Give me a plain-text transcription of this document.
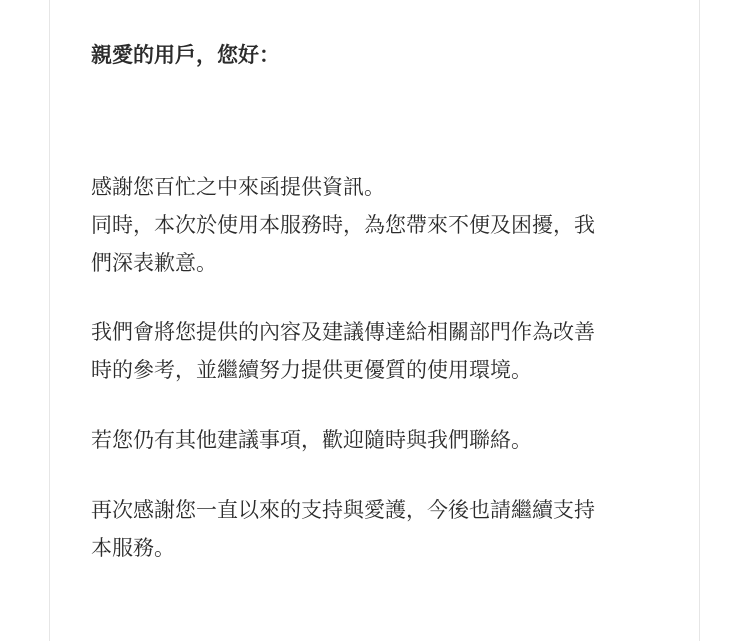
親愛的用戶，您好：

感謝您百忙之中來函提供資訊。
同時，本次於使用本服務時，為您帶來不便及困擾，我
們深表歉意。

我們會將您提供的內容及建議傳達給相關部門作為改善
時的參考，並繼續努力提供更優質的使用環境。

若您仍有其他建議事項，歡迎隨時與我們聯絡。

再次感謝您一直以來的支持與愛護，今後也請繼續支持
本服務。
